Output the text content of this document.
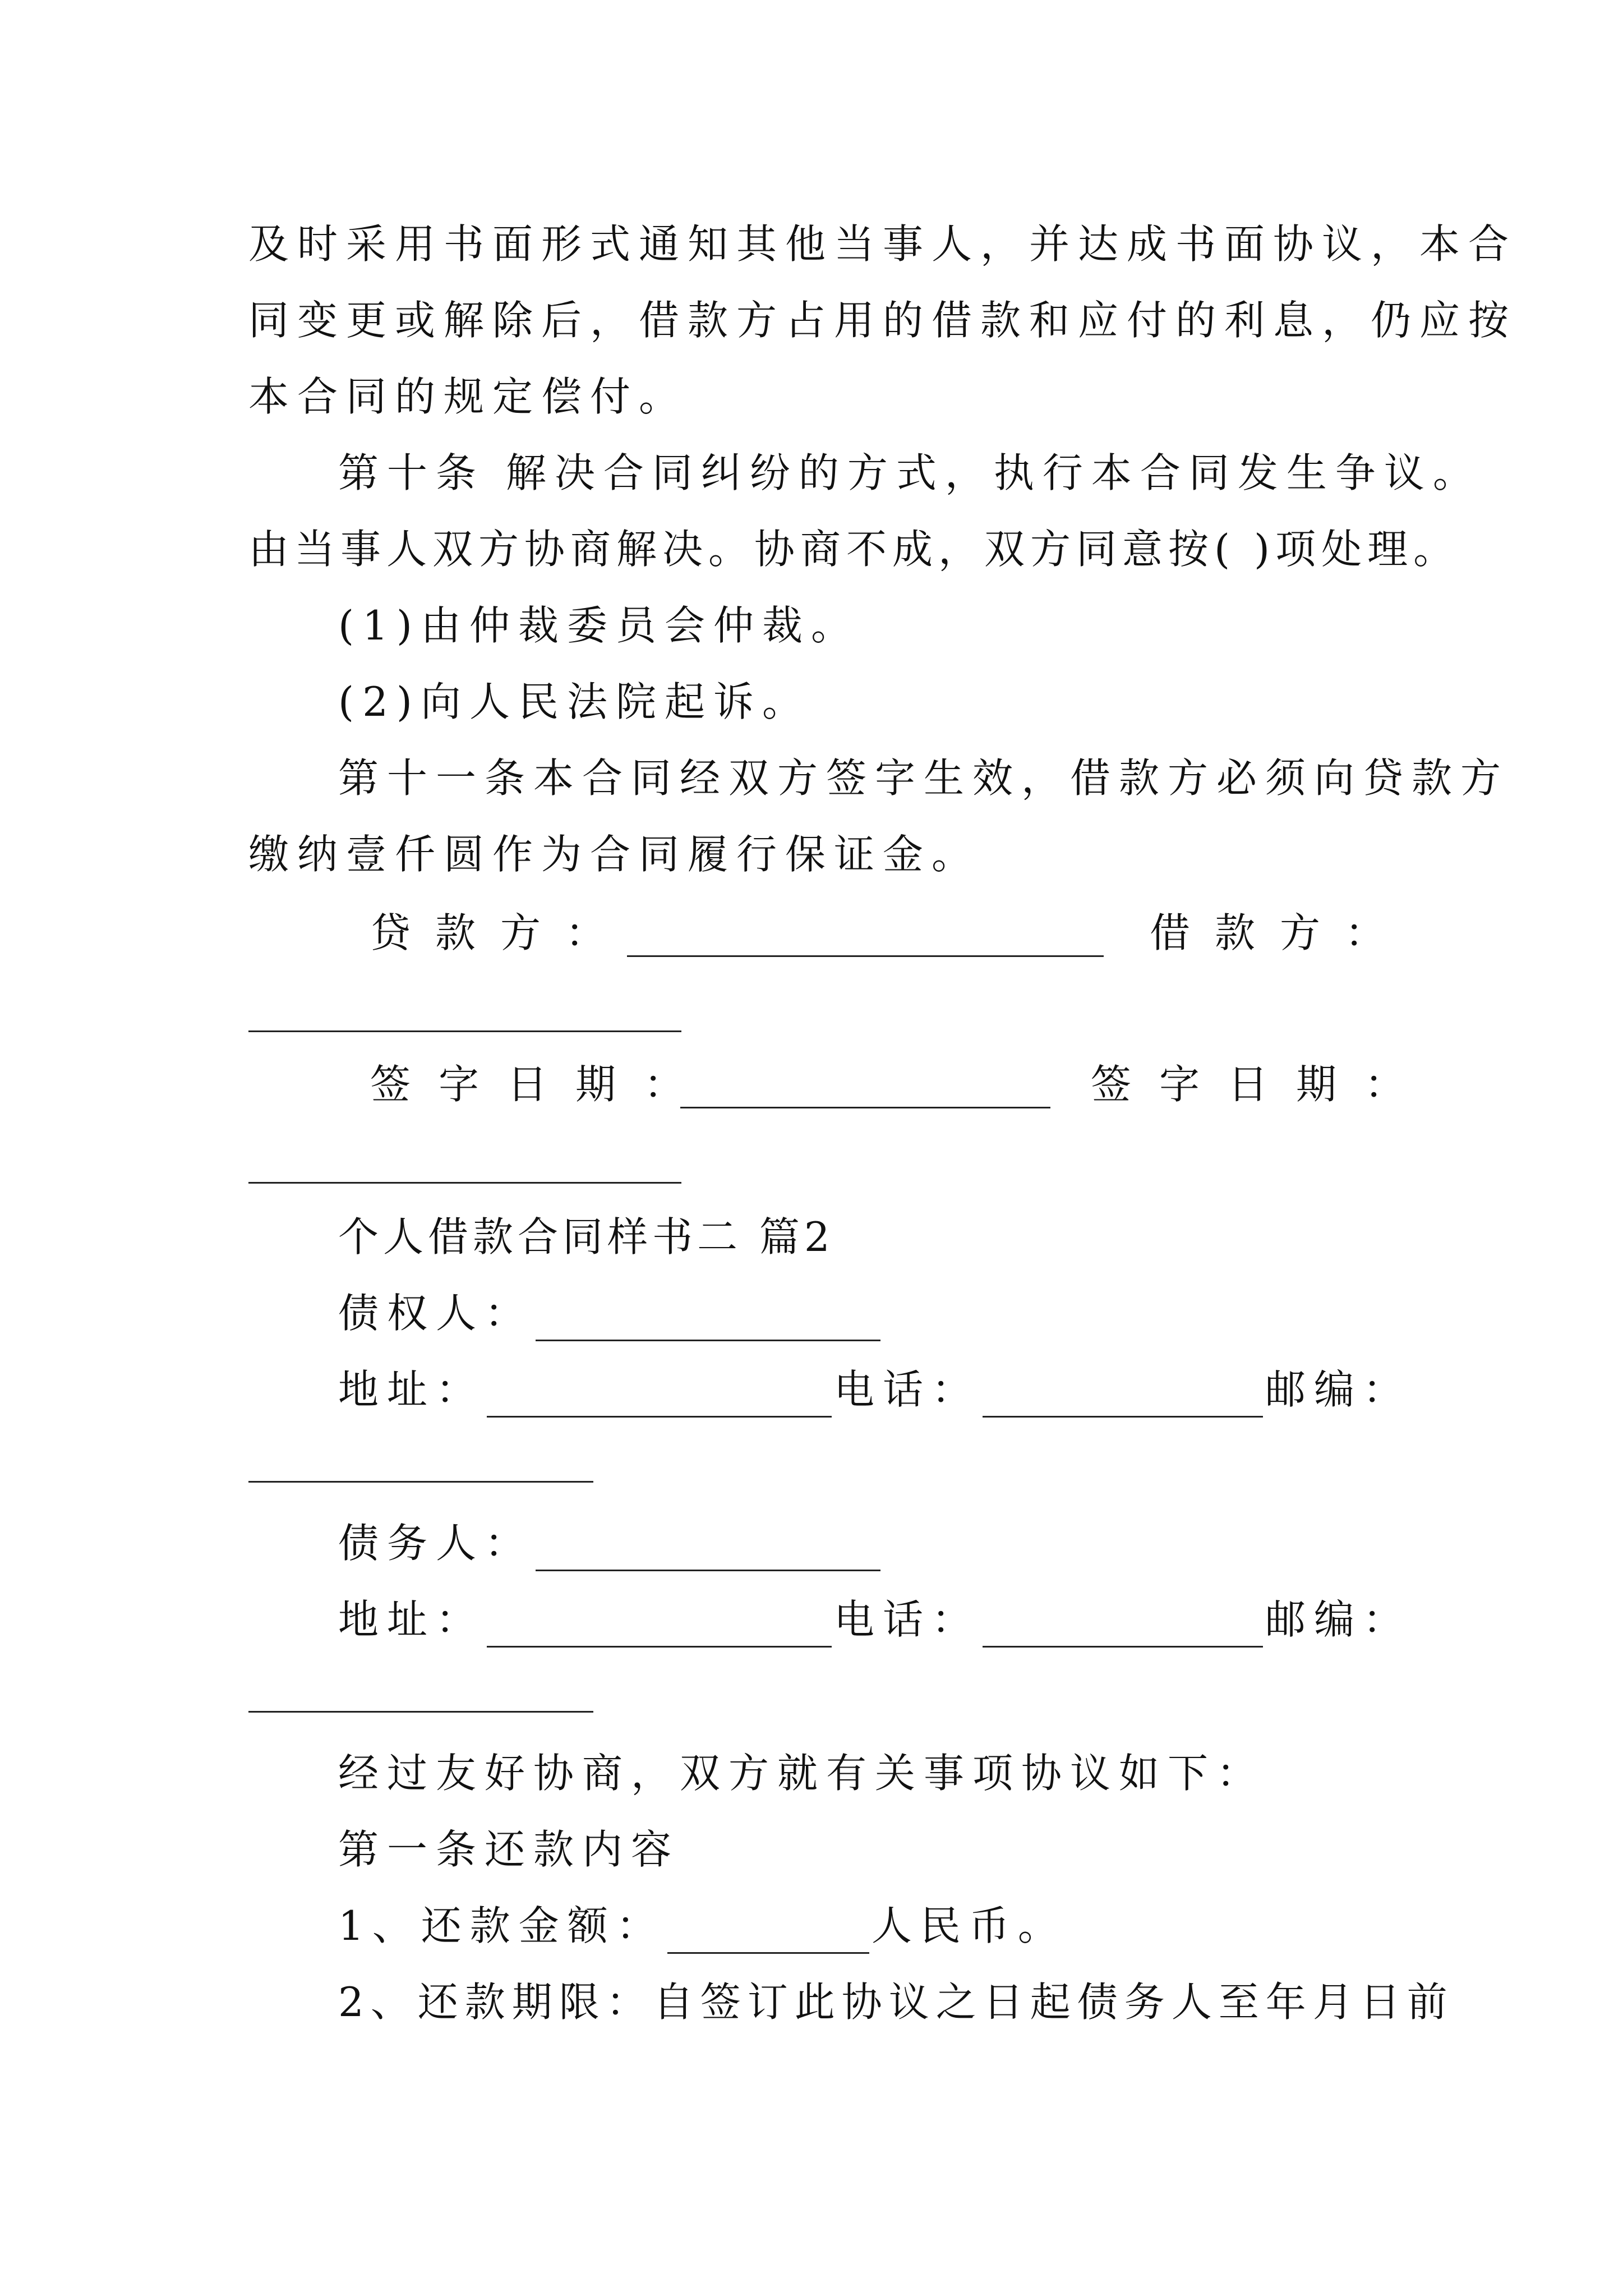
及时采用书面形式通知其他当事人，并达成书面协议，本合
同变更或解除后，借款方占用的借款和应付的利息，仍应按
本合同的规定偿付。
第十条 解决合同纠纷的方式，执行本合同发生争议。
由当事人双方协商解决。协商不成，双方同意按( )项处理。
(1)由仲裁委员会仲裁。
(2)向人民法院起诉。
第十一条本合同经双方签字生效，借款方必须向贷款方
缴纳壹仟圆作为合同履行保证金。
贷款方：	借款方：
签字日期：	签字日期：
个人借款合同样书二 篇2
债权人：
地址：	电话：	邮编：
债务人：
地址：	电话：	邮编：
经过友好协商，双方就有关事项协议如下：
第一条还款内容
1、还款金额：	人民币。
2、还款期限：自签订此协议之日起债务人至年月日前
